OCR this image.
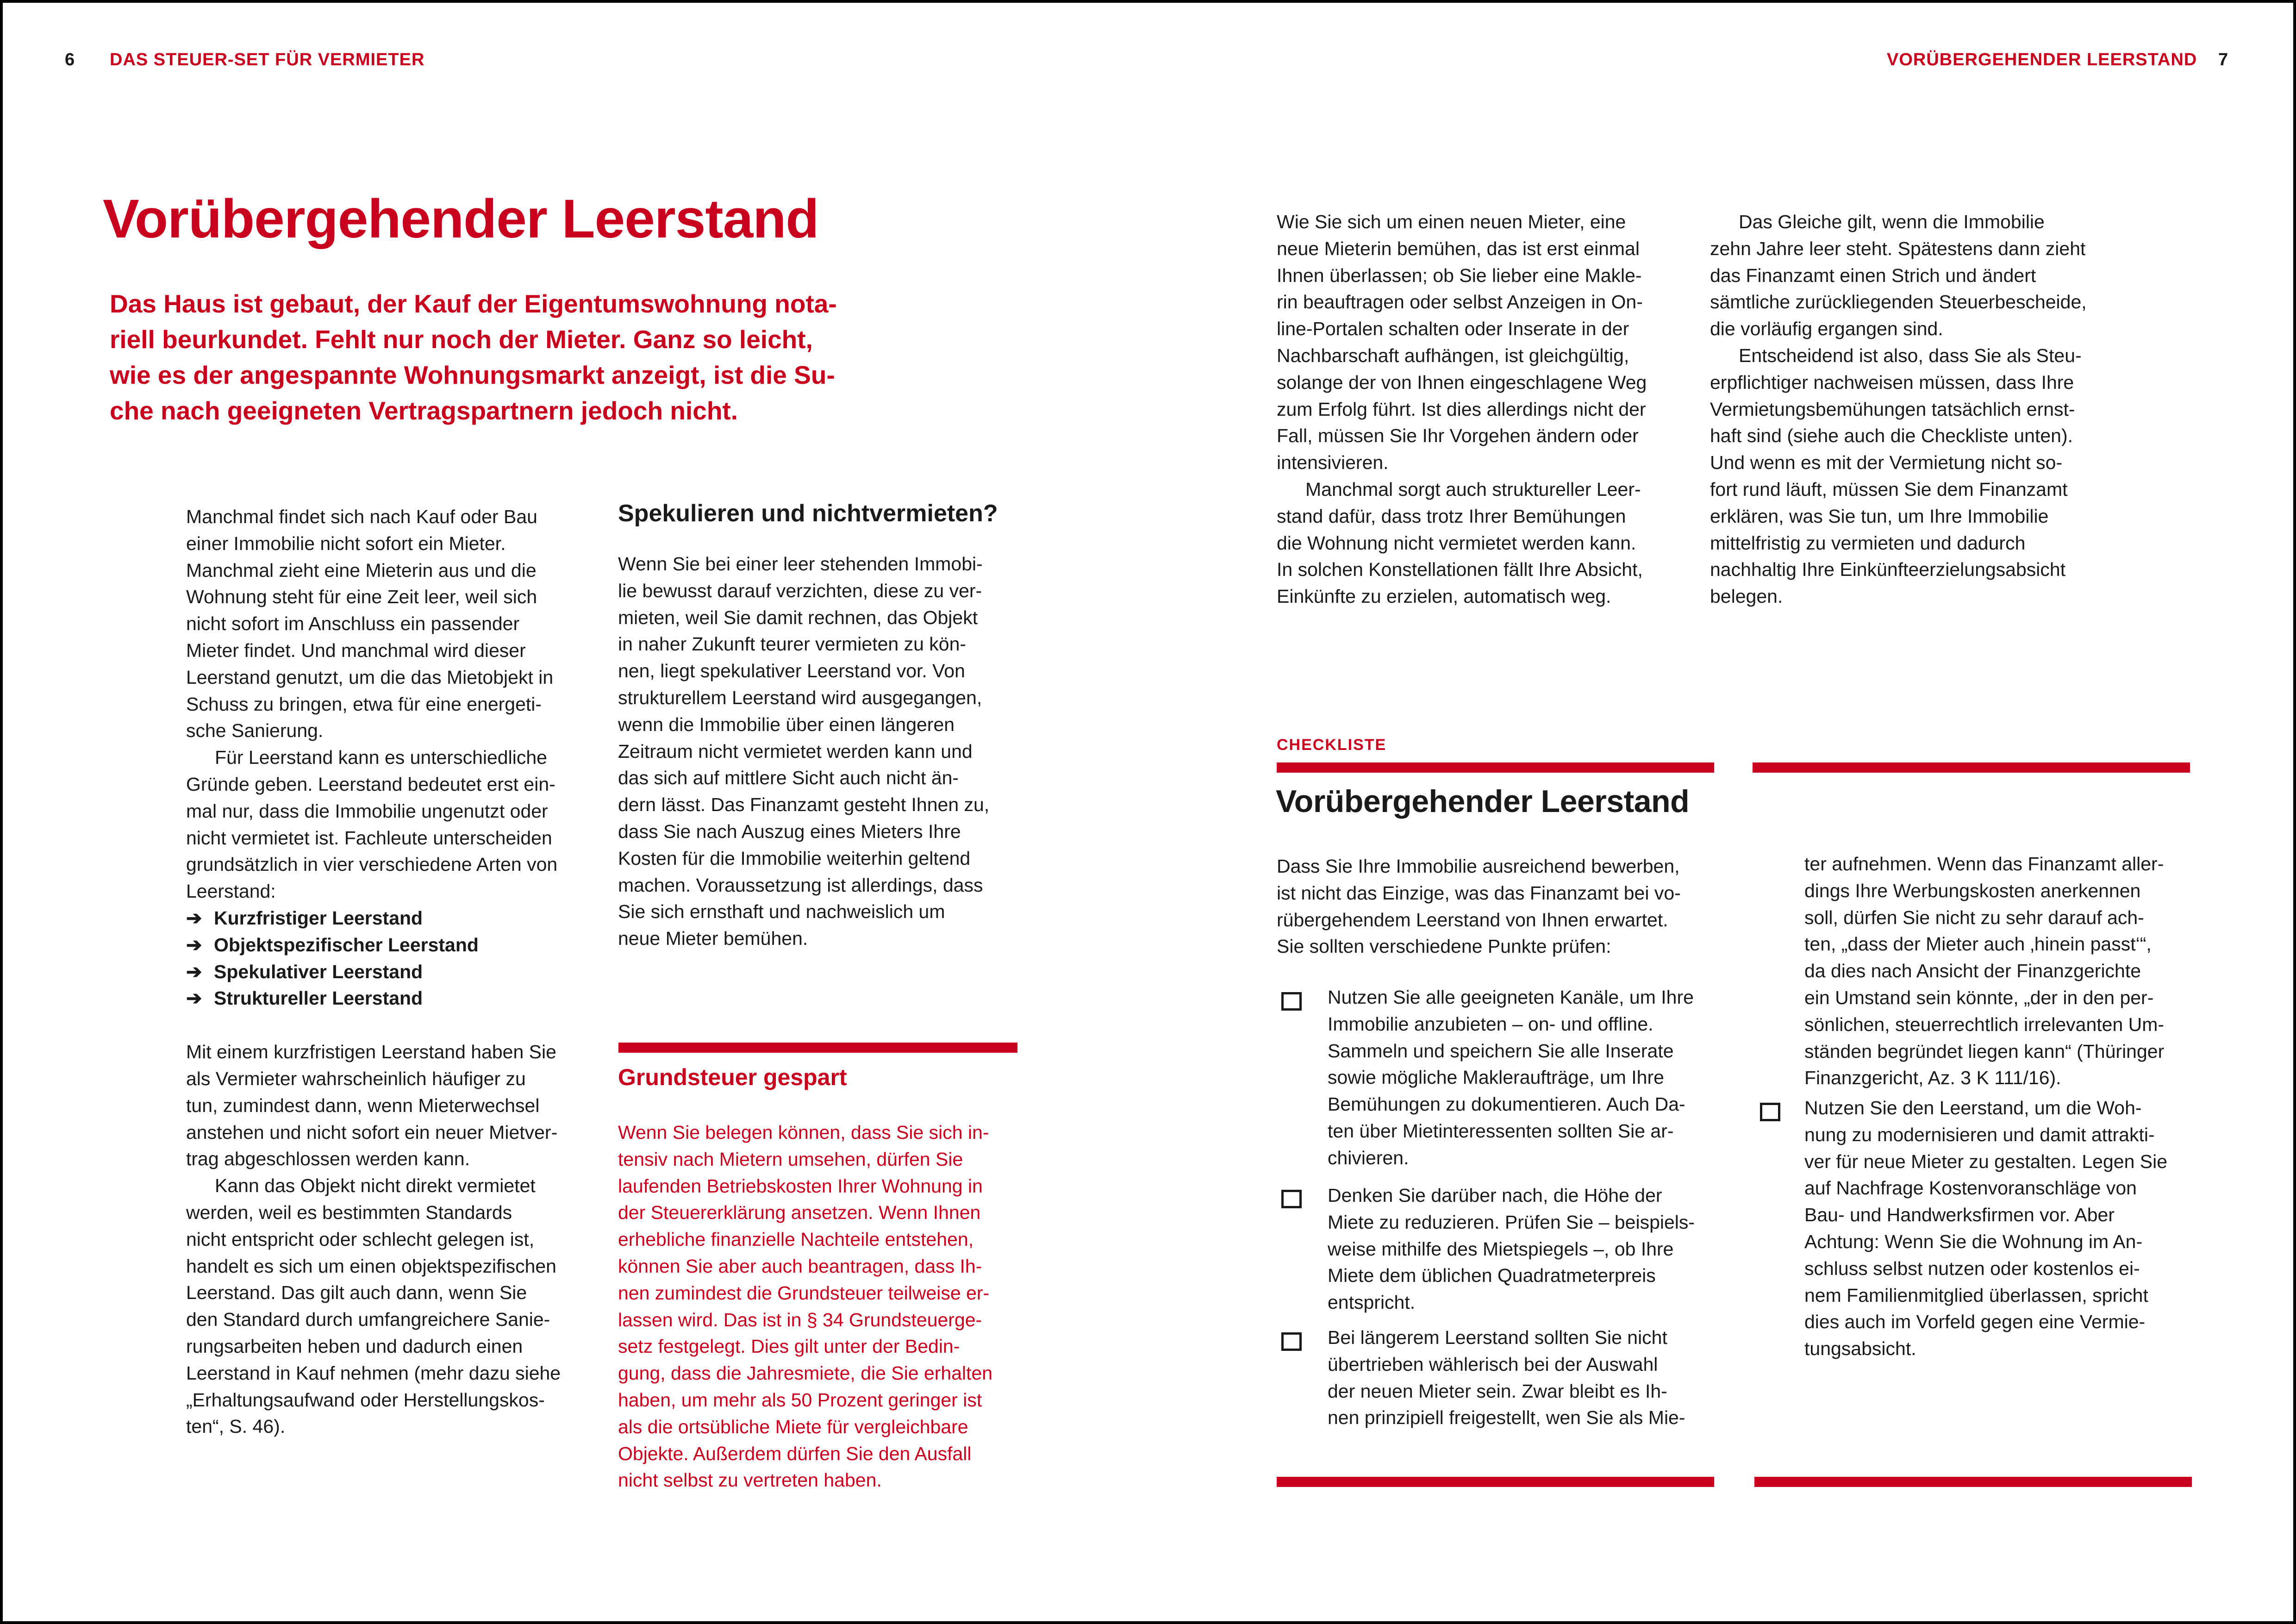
6 DAS STEUER-SET FÜR VERMIETER
Vorübergehender Leerstand
Das Haus ist gebaut, der Kauf der Eigentumswohnung nota-
riell beurkundet. Fehlt nur noch der Mieter. Ganz so leicht,
wie es der angespannte Wohnungsmarkt anzeigt, ist die Su-
che nach geeigneten Vertragspartnern jedoch nicht.
Manchmal findet sich nach Kauf oder Bau
einer Immobilie nicht sofort ein Mieter.
Manchmal zieht eine Mieterin aus und die
Wohnung steht für eine Zeit leer, weil sich
nicht sofort im Anschluss ein passender
Mieter findet. Und manchmal wird dieser
Leerstand genutzt, um die das Mietobjekt in
Schuss zu bringen, etwa für eine energeti-
sche Sanierung.
Für Leerstand kann es unterschiedliche
Gründe geben. Leerstand bedeutet erst ein-
mal nur, dass die Immobilie ungenutzt oder
nicht vermietet ist. Fachleute unterscheiden
grundsätzlich in vier verschiedene Arten von
Leerstand:
➔ Kurzfristiger Leerstand
➔ Objektspezifischer Leerstand
➔ Spekulativer Leerstand
➔ Struktureller Leerstand
Mit einem kurzfristigen Leerstand haben Sie
als Vermieter wahrscheinlich häufiger zu
tun, zumindest dann, wenn Mieterwechsel
anstehen und nicht sofort ein neuer Mietver-
trag abgeschlossen werden kann.
Kann das Objekt nicht direkt vermietet
werden, weil es bestimmten Standards
nicht entspricht oder schlecht gelegen ist,
handelt es sich um einen objektspezifischen
Leerstand. Das gilt auch dann, wenn Sie
den Standard durch umfangreichere Sanie-
rungsarbeiten heben und dadurch einen
Leerstand in Kauf nehmen (mehr dazu siehe
„Erhaltungsaufwand oder Herstellungskos-
ten“, S. 46).
Spekulieren und nichtvermieten?
Wenn Sie bei einer leer stehenden Immobi-
lie bewusst darauf verzichten, diese zu ver-
mieten, weil Sie damit rechnen, das Objekt
in naher Zukunft teurer vermieten zu kön-
nen, liegt spekulativer Leerstand vor. Von
strukturellem Leerstand wird ausgegangen,
wenn die Immobilie über einen längeren
Zeitraum nicht vermietet werden kann und
das sich auf mittlere Sicht auch nicht än-
dern lässt. Das Finanzamt gesteht Ihnen zu,
dass Sie nach Auszug eines Mieters Ihre
Kosten für die Immobilie weiterhin geltend
machen. Voraussetzung ist allerdings, dass
Sie sich ernsthaft und nachweislich um
neue Mieter bemühen.
Grundsteuer gespart
Wenn Sie belegen können, dass Sie sich in-
tensiv nach Mietern umsehen, dürfen Sie
laufenden Betriebskosten Ihrer Wohnung in
der Steuererklärung ansetzen. Wenn Ihnen
erhebliche finanzielle Nachteile entstehen,
können Sie aber auch beantragen, dass Ih-
nen zumindest die Grundsteuer teilweise er-
lassen wird. Das ist in § 34 Grundsteuerge-
setz festgelegt. Dies gilt unter der Bedin-
gung, dass die Jahresmiete, die Sie erhalten
haben, um mehr als 50 Prozent geringer ist
als die ortsübliche Miete für vergleichbare
Objekte. Außerdem dürfen Sie den Ausfall
nicht selbst zu vertreten haben.
VORÜBERGEHENDER LEERSTAND 7
Wie Sie sich um einen neuen Mieter, eine
neue Mieterin bemühen, das ist erst einmal
Ihnen überlassen; ob Sie lieber eine Makle-
rin beauftragen oder selbst Anzeigen in On-
line-Portalen schalten oder Inserate in der
Nachbarschaft aufhängen, ist gleichgültig,
solange der von Ihnen eingeschlagene Weg
zum Erfolg führt. Ist dies allerdings nicht der
Fall, müssen Sie Ihr Vorgehen ändern oder
intensivieren.
Manchmal sorgt auch struktureller Leer-
stand dafür, dass trotz Ihrer Bemühungen
die Wohnung nicht vermietet werden kann.
In solchen Konstellationen fällt Ihre Absicht,
Einkünfte zu erzielen, automatisch weg.
Das Gleiche gilt, wenn die Immobilie
zehn Jahre leer steht. Spätestens dann zieht
das Finanzamt einen Strich und ändert
sämtliche zurückliegenden Steuerbescheide,
die vorläufig ergangen sind.
Entscheidend ist also, dass Sie als Steu-
erpflichtiger nachweisen müssen, dass Ihre
Vermietungsbemühungen tatsächlich ernst-
haft sind (siehe auch die Checkliste unten).
Und wenn es mit der Vermietung nicht so-
fort rund läuft, müssen Sie dem Finanzamt
erklären, was Sie tun, um Ihre Immobilie
mittelfristig zu vermieten und dadurch
nachhaltig Ihre Einkünfteerzielungsabsicht
belegen.
CHECKLISTE
Vorübergehender Leerstand
Dass Sie Ihre Immobilie ausreichend bewerben,
ist nicht das Einzige, was das Finanzamt bei vo-
rübergehendem Leerstand von Ihnen erwartet.
Sie sollten verschiedene Punkte prüfen:
Nutzen Sie alle geeigneten Kanäle, um Ihre
Immobilie anzubieten – on- und offline.
Sammeln und speichern Sie alle Inserate
sowie mögliche Makleraufträge, um Ihre
Bemühungen zu dokumentieren. Auch Da-
ten über Mietinteressenten sollten Sie ar-
chivieren.
Denken Sie darüber nach, die Höhe der
Miete zu reduzieren. Prüfen Sie – beispiels-
weise mithilfe des Mietspiegels –, ob Ihre
Miete dem üblichen Quadratmeterpreis
entspricht.
Bei längerem Leerstand sollten Sie nicht
übertrieben wählerisch bei der Auswahl
der neuen Mieter sein. Zwar bleibt es Ih-
nen prinzipiell freigestellt, wen Sie als Mie-
ter aufnehmen. Wenn das Finanzamt aller-
dings Ihre Werbungskosten anerkennen
soll, dürfen Sie nicht zu sehr darauf ach-
ten, „dass der Mieter auch ‚hinein passt‘“,
da dies nach Ansicht der Finanzgerichte
ein Umstand sein könnte, „der in den per-
sönlichen, steuerrechtlich irrelevanten Um-
ständen begründet liegen kann“ (Thüringer
Finanzgericht, Az. 3 K 111/16).
Nutzen Sie den Leerstand, um die Woh-
nung zu modernisieren und damit attrakti-
ver für neue Mieter zu gestalten. Legen Sie
auf Nachfrage Kostenvoranschläge von
Bau- und Handwerksfirmen vor. Aber
Achtung: Wenn Sie die Wohnung im An-
schluss selbst nutzen oder kostenlos ei-
nem Familienmitglied überlassen, spricht
dies auch im Vorfeld gegen eine Vermie-
tungsabsicht.
